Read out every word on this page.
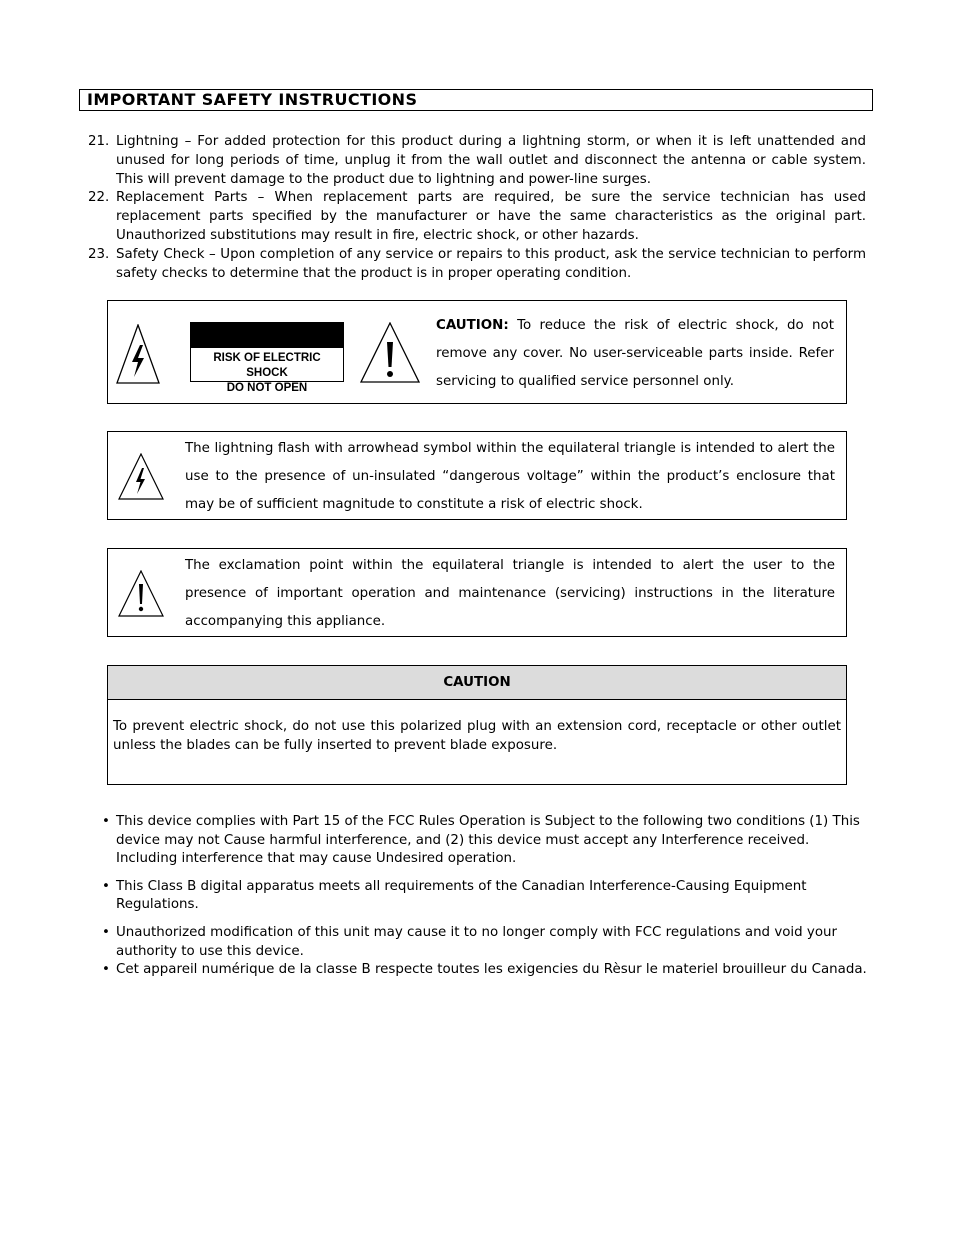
IMPORTANT SAFETY INSTRUCTIONS
21. Lightning – For added protection for this product during a lightning storm, or when it is left unattended and unused for long periods of time, unplug it from the wall outlet and disconnect the antenna or cable system. This will prevent damage to the product due to lightning and power-line surges.
22. Replacement Parts – When replacement parts are required, be sure the service technician has used replacement parts specified by the manufacturer or have the same characteristics as the original part. Unauthorized substitutions may result in fire, electric shock, or other hazards.
23. Safety Check – Upon completion of any service or repairs to this product, ask the service technician to perform safety checks to determine that the product is in proper operating condition.
RISK OF ELECTRIC SHOCK
DO NOT OPEN
CAUTION: To reduce the risk of electric shock, do not remove any cover. No user-serviceable parts inside. Refer servicing to qualified service personnel only.
The lightning flash with arrowhead symbol within the equilateral triangle is intended to alert the use to the presence of un-insulated “dangerous voltage” within the product’s enclosure that may be of sufficient magnitude to constitute a risk of electric shock.
The exclamation point within the equilateral triangle is intended to alert the user to the presence of important operation and maintenance (servicing) instructions in the literature accompanying this appliance.
CAUTION
To prevent electric shock, do not use this polarized plug with an extension cord, receptacle or other outlet unless the blades can be fully inserted to prevent blade exposure.
• This device complies with Part 15 of the FCC Rules Operation is Subject to the following two conditions (1) This device may not Cause harmful interference, and (2) this device must accept any Interference received. Including interference that may cause Undesired operation.
• This Class B digital apparatus meets all requirements of the Canadian Interference-Causing Equipment Regulations.
• Unauthorized modification of this unit may cause it to no longer comply with FCC regulations and void your authority to use this device.
• Cet appareil numérique de la classe B respecte toutes les exigencies du Rèsur le materiel brouilleur du Canada.
